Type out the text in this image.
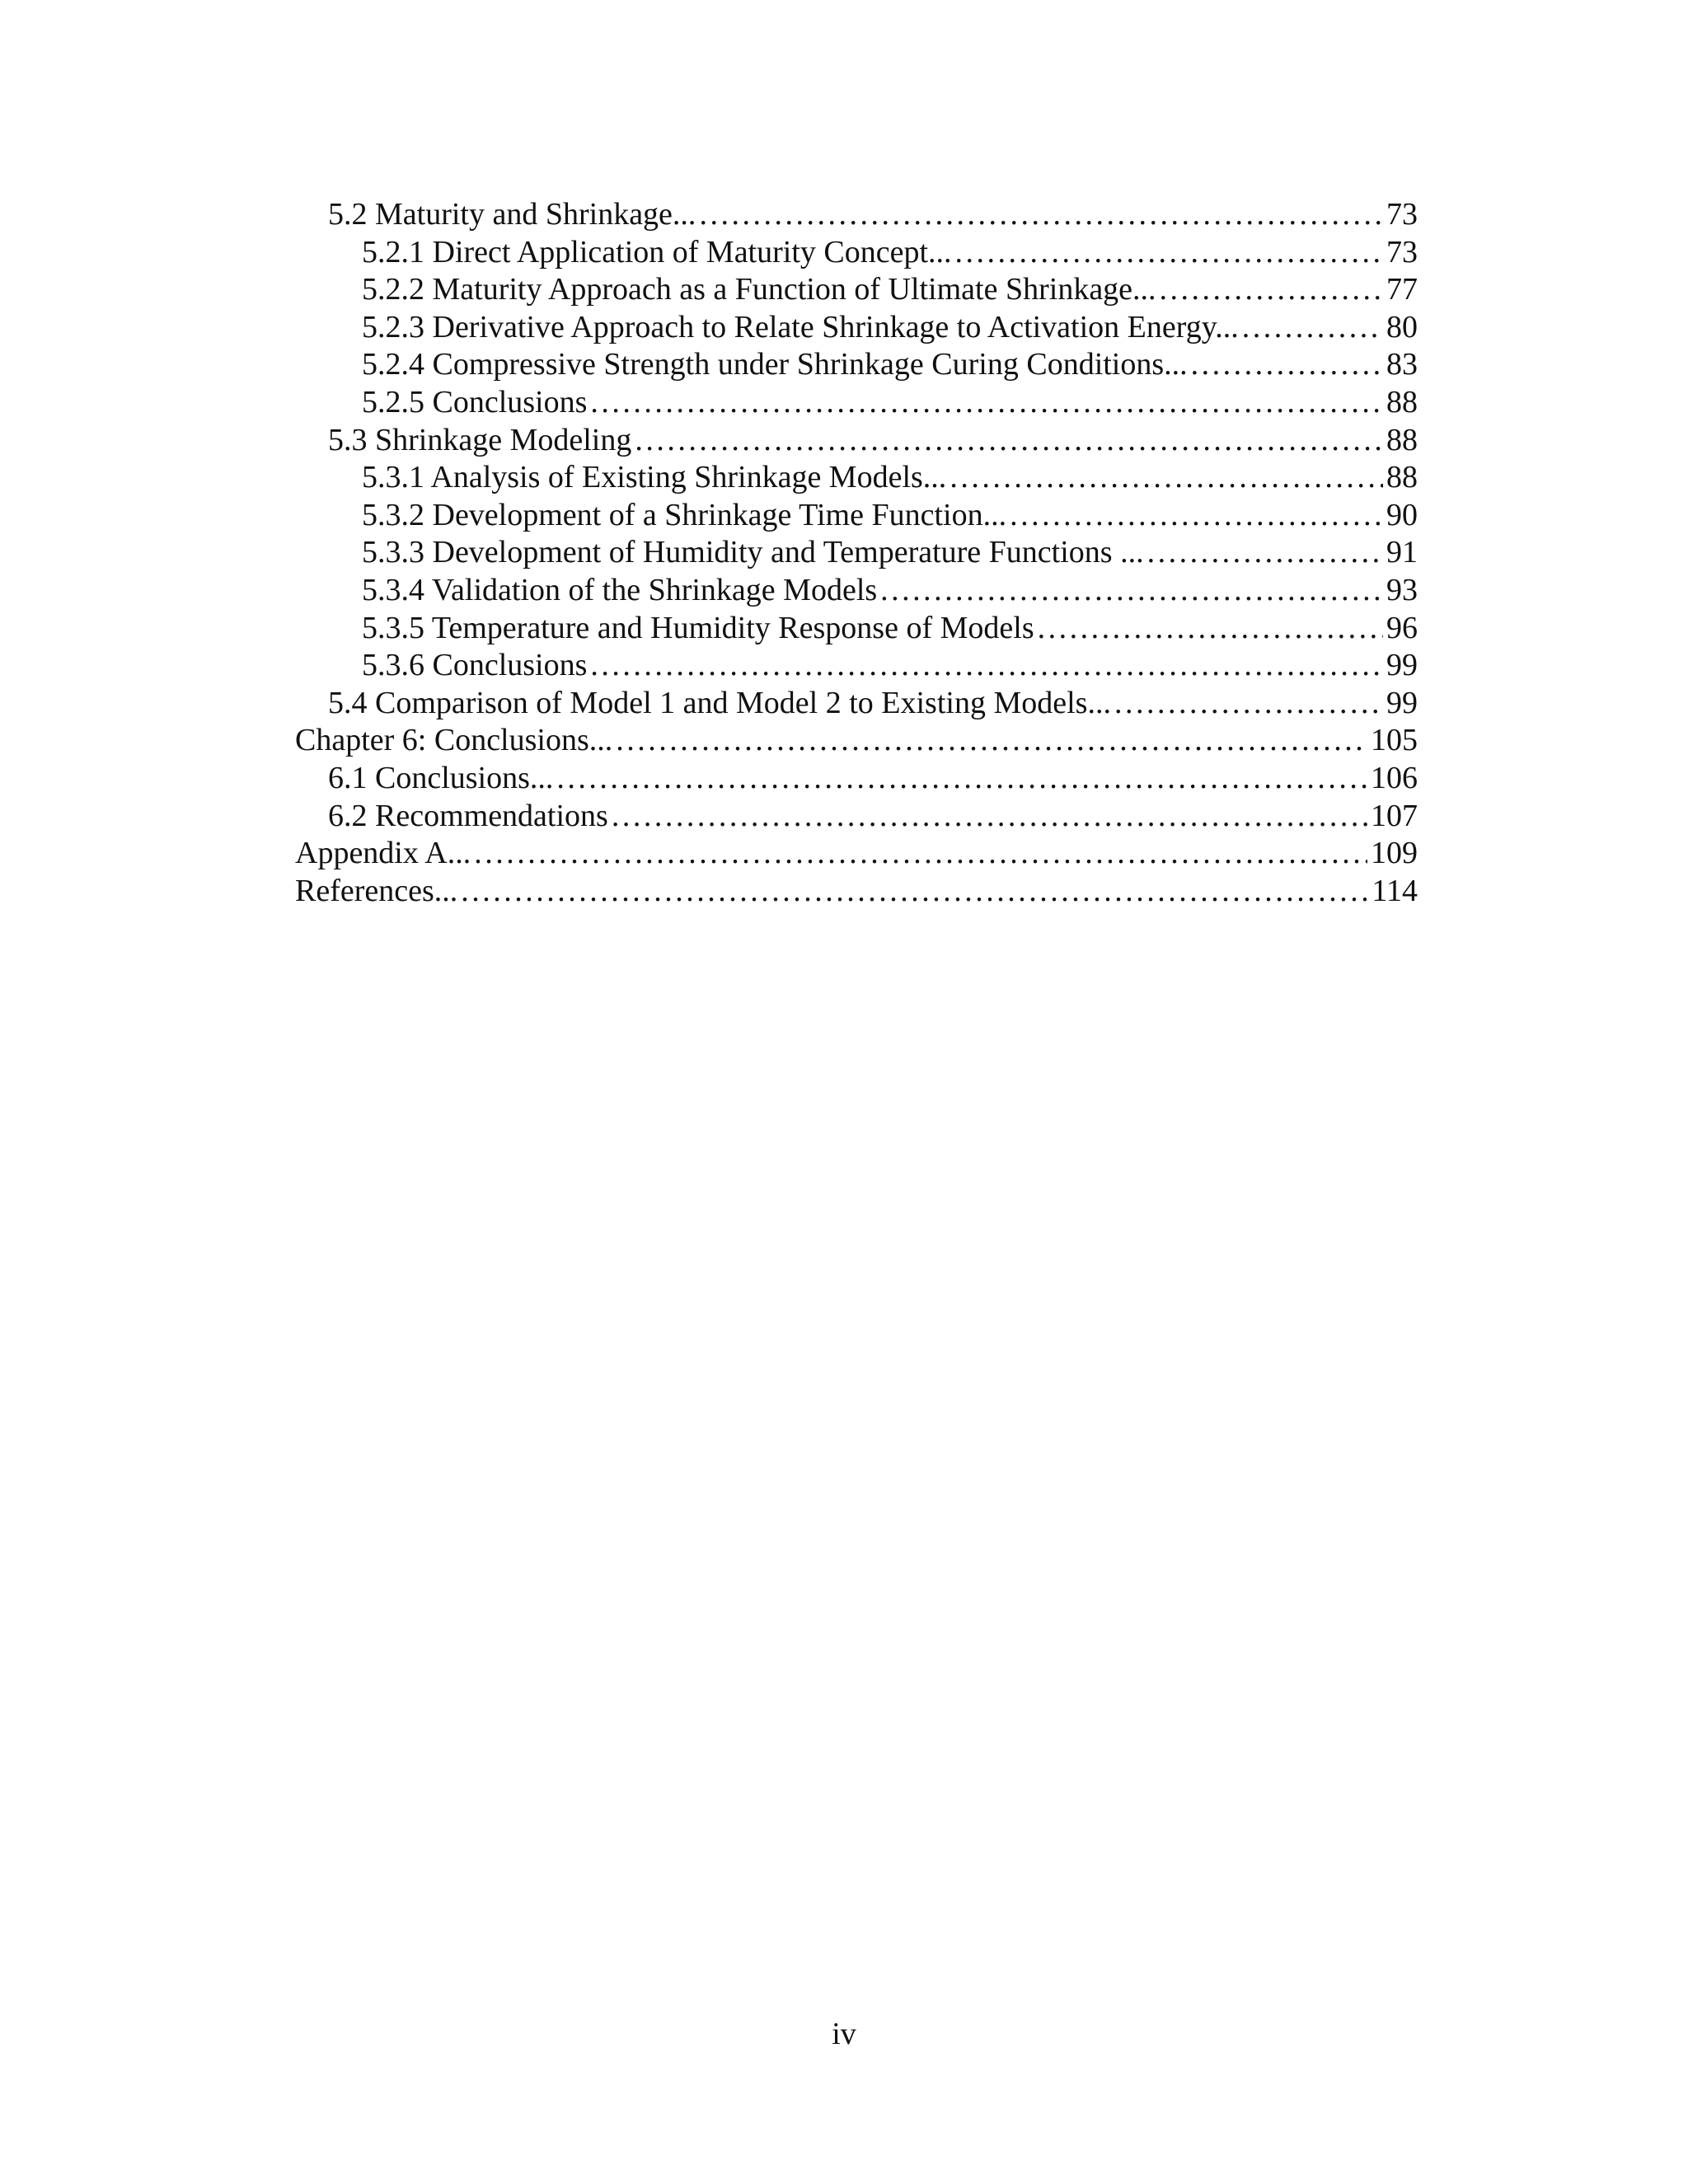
5.2 Maturity and Shrinkage... . . .	73
5.2.1 Direct Application of Maturity Concept... . . .	73
5.2.2 Maturity Approach as a Function of Ultimate Shrinkage... . . .	77
5.2.3 Derivative Approach to Relate Shrinkage to Activation Energy... . . .	80
5.2.4 Compressive Strength under Shrinkage Curing Conditions... . . .	83
5.2.5 Conclusions . . .	88
5.3 Shrinkage Modeling . . .	88
5.3.1 Analysis of Existing Shrinkage Models... . . .	88
5.3.2 Development of a Shrinkage Time Function... . . .	90
5.3.3 Development of Humidity and Temperature Functions ... . . .	91
5.3.4 Validation of the Shrinkage Models . . .	93
5.3.5 Temperature and Humidity Response of Models . . .	96
5.3.6 Conclusions . . .	99
5.4 Comparison of Model 1 and Model 2 to Existing Models... . . .	99
Chapter 6: Conclusions... . . .	105
6.1 Conclusions... . . .	106
6.2 Recommendations . . .	107
Appendix A... . . .	109
References... . . .	114
iv
